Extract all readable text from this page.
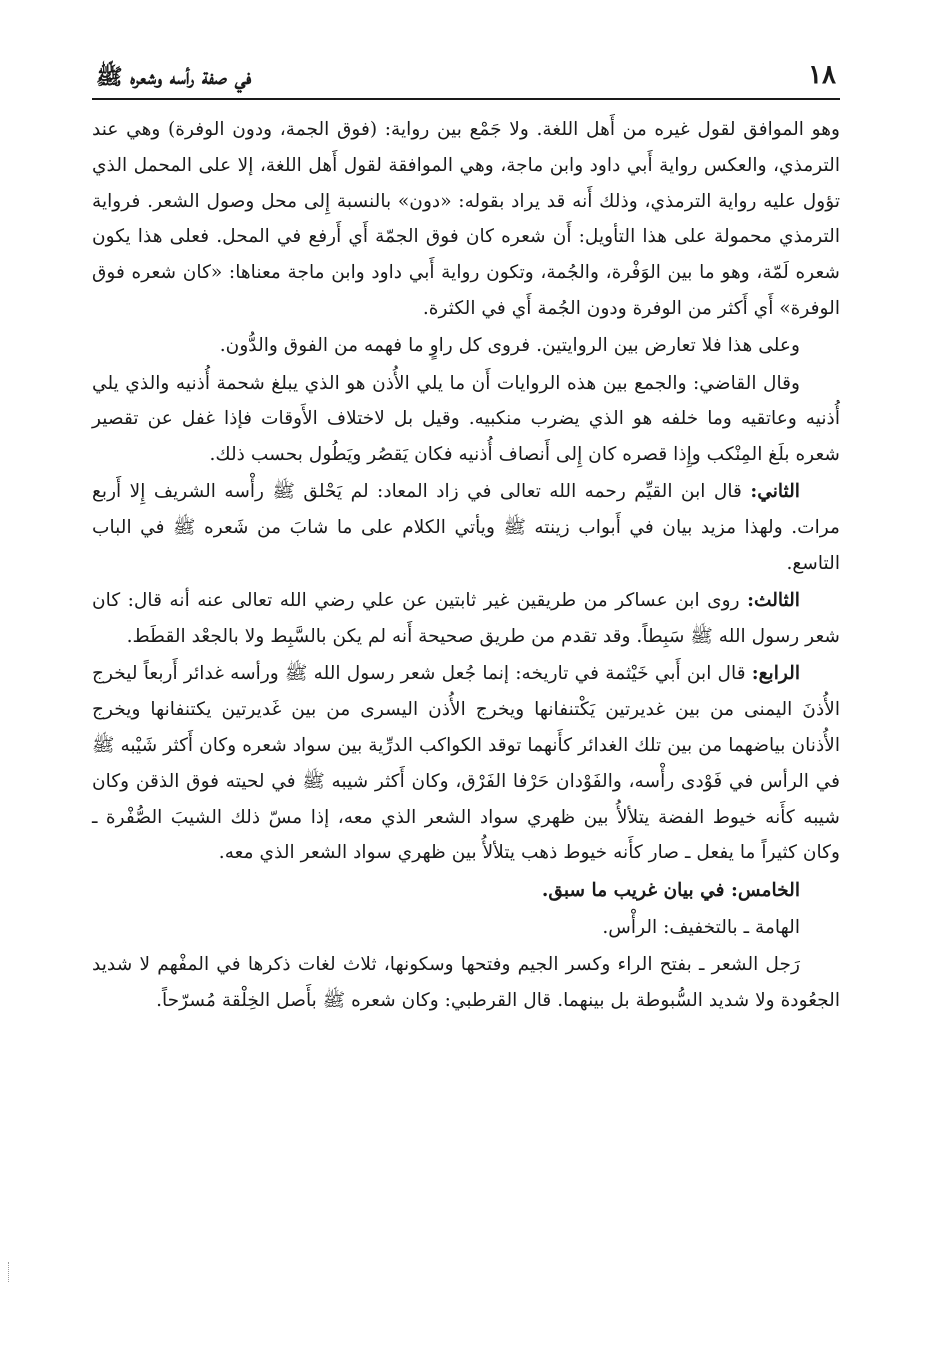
١٨
في صفة رأسه وشعره ﷺ

وهو الموافق لقول غيره من أَهل اللغة. ولا جَمْع بين رواية: (فوق الجمة، ودون الوفرة) وهي عند الترمذي، والعكس رواية أَبي داود وابن ماجة، وهي الموافقة لقول أَهل اللغة، إلا على المحمل الذي تؤول عليه رواية الترمذي، وذلك أَنه قد يراد بقوله: «دون» بالنسبة إِلى محل وصول الشعر. فرواية الترمذي محمولة على هذا التأويل: أَن شعره كان فوق الجمّة أَي أَرفع في المحل. فعلى هذا يكون شعره لَمّة، وهو ما بين الوَفْرة، والجُمة، وتكون رواية أَبي داود وابن ماجة معناها: «كان شعره فوق الوفرة» أَي أَكثر من الوفرة ودون الجُمة أَي في الكثرة.

وعلى هذا فلا تعارض بين الروايتين. فروى كل راوٍ ما فهمه من الفوق والدُّون.

وقال القاضي: والجمع بين هذه الروايات أَن ما يلي الأُذن هو الذي يبلغ شحمة أُذنيه والذي يلي أُذنيه وعاتقيه وما خلفه هو الذي يضرب منكبيه. وقيل بل لاختلاف الأَوقات فإذا غفل عن تقصير شعره بلَغ المِنْكب وإِذا قصره كان إِلى أَنصاف أُذنيه فكان يَقصُر ويَطُول بحسب ذلك.

الثاني: قال ابن القيِّم رحمه الله تعالى في زاد المعاد: لم يَحْلق ﷺ رأْسه الشريف إِلا أَربع مرات. ولهذا مزيد بيان في أَبواب زينته ﷺ ويأتي الكلام على ما شابَ من شَعره ﷺ في الباب التاسع.

الثالث: روى ابن عساكر من طريقين غير ثابتين عن علي رضي الله تعالى عنه أنه قال: كان شعر رسول الله ﷺ سَبِطاً. وقد تقدم من طريق صحيحة أَنه لم يكن بالسَّبِط ولا بالجعْد القطَط.

الرابع: قال ابن أَبي خَيْثمة في تاريخه: إنما جُعل شعر رسول الله ﷺ ورأسه غدائر أَربعاً ليخرج الأُذنَ اليمنى من بين غديرتين يَكْتنفانها ويخرج الأُذن اليسرى من بين غَديرتين يكتنفانها ويخرج الأُذنان بياضهما من بين تلك الغدائر كأَنهما توقد الكواكب الدرِّية بين سواد شعره وكان أَكثر شَيْبه ﷺ في الرأس في فَوْدى رأْسه، والفَوْدان حَرْفا الفَرْق، وكان أَكثر شيبه ﷺ في لحيته فوق الذقن وكان شيبه كأَنه خيوط الفضة يتلألأُ بين ظهري سواد الشعر الذي معه، إذا مسّ ذلك الشيبَ الصُّفْرة ـ وكان كثيراً ما يفعل ـ صار كأَنه خيوط ذهب يتلألأُ بين ظهري سواد الشعر الذي معه.

الخامس: في بيان غريب ما سبق.

الهامة ـ بالتخفيف: الرأْس.

رَجل الشعر ـ بفتح الراء وكسر الجيم وفتحها وسكونها، ثلاث لغات ذكرها في المفْهم لا شديد الجعُودة ولا شديد السُّبوطة بل بينهما. قال القرطبي: وكان شعره ﷺ بأَصل الخِلْقة مُسرّحاً.
